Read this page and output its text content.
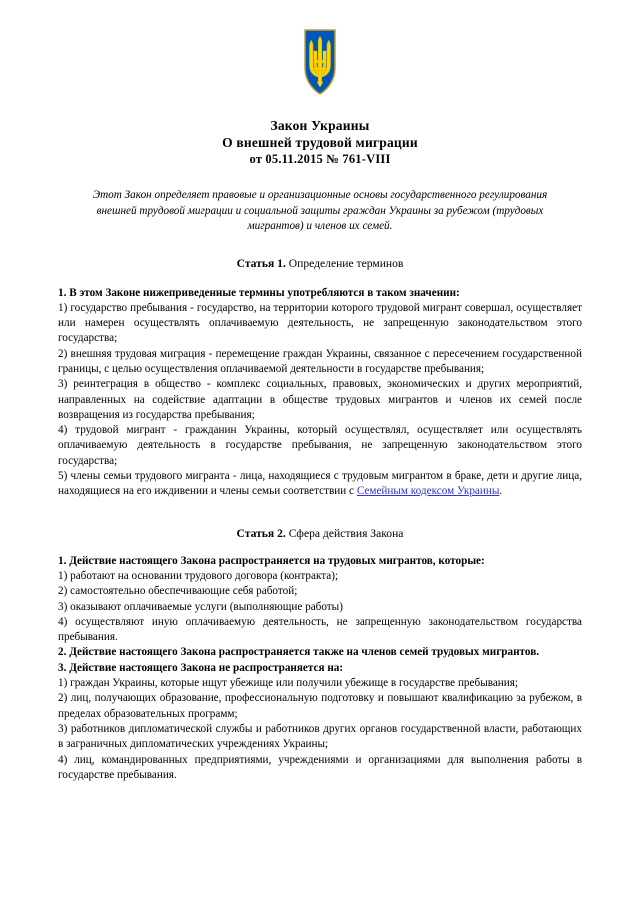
Закон Украины
О внешней трудовой миграции
от 05.11.2015 № 761-VIII
Этот Закон определяет правовые и организационные основы государственного регулирования внешней трудовой миграции и социальной защиты граждан Украины за рубежом (трудовых мигрантов) и членов их семей.
Статья 1. Определение терминов

1. В этом Законе нижеприведенные термины употребляются в таком значении:

1) государство пребывания - государство, на территории которого трудовой мигрант совершал, осуществляет или намерен осуществлять оплачиваемую деятельность, не запрещенную законодательством этого государства;

2) внешняя трудовая миграция - перемещение граждан Украины, связанное с пересечением государственной границы, с целью осуществления оплачиваемой деятельности в государстве пребывания;

3) реинтеграция в общество - комплекс социальных, правовых, экономических и других мероприятий, направленных на содействие адаптации в обществе трудовых мигрантов и членов их семей после возвращения из государства пребывания;

4) трудовой мигрант - гражданин Украины, который осуществлял, осуществляет или осуществлять оплачиваемую деятельность в государстве пребывания, не запрещенную законодательством этого государства;

5) члены семьи трудового мигранта - лица, находящиеся с трудовым мигрантом в браке, дети и другие лица, находящиеся на его иждивении и члены семьи соответствии с Семейным кодексом Украины.

Статья 2. Сфера действия Закона

1. Действие настоящего Закона распространяется на трудовых мигрантов, которые:

1) работают на основании трудового договора (контракта);

2) самостоятельно обеспечивающие себя работой;

3) оказывают оплачиваемые услуги (выполняющие работы)

4) осуществляют иную оплачиваемую деятельность, не запрещенную законодательством государства пребывания.

2. Действие настоящего Закона распространяется также на членов семей трудовых мигрантов.

3. Действие настоящего Закона не распространяется на:

1) граждан Украины, которые ищут убежище или получили убежище в государстве пребывания;

2) лиц, получающих образование, профессиональную подготовку и повышают квалификацию за рубежом, в пределах образовательных программ;

3) работников дипломатической службы и работников других органов государственной власти, работающих в заграничных дипломатических учреждениях Украины;

4) лиц, командированных предприятиями, учреждениями и организациями для выполнения работы в государстве пребывания.
